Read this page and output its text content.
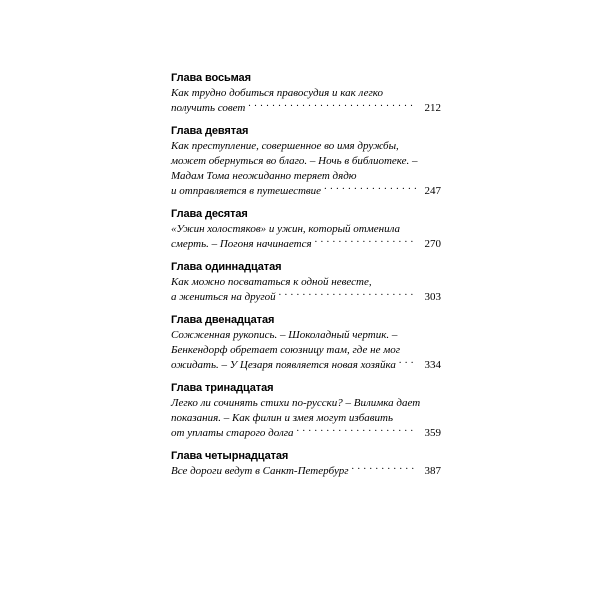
Глава восьмая
Как трудно добиться правосудия и как легко
получить совет . . .	212
Глава девятая
Как преступление, совершенное во имя дружбы,
может обернуться во благо. – Ночь в библиотеке. –
Мадам Тома неожиданно теряет дядю
и отправляется в путешествие . . .	247
Глава десятая
«Ужин холостяков» и ужин, который отменила
смерть. – Погоня начинается . . .	270
Глава одиннадцатая
Как можно посвататься к одной невесте,
а жениться на другой . . .	303
Глава двенадцатая
Сожженная рукопись. – Шоколадный чертик. –
Бенкендорф обретает союзницу там, где не мог
ожидать. – У Цезаря появляется новая хозяйка . . .	334
Глава тринадцатая
Легко ли сочинять стихи по-русски? – Вилимка дает
показания. – Как филин и змея могут избавить
от уплаты старого долга . . .	359
Глава четырнадцатая
Все дороги ведут в Санкт-Петербург . . .	387
